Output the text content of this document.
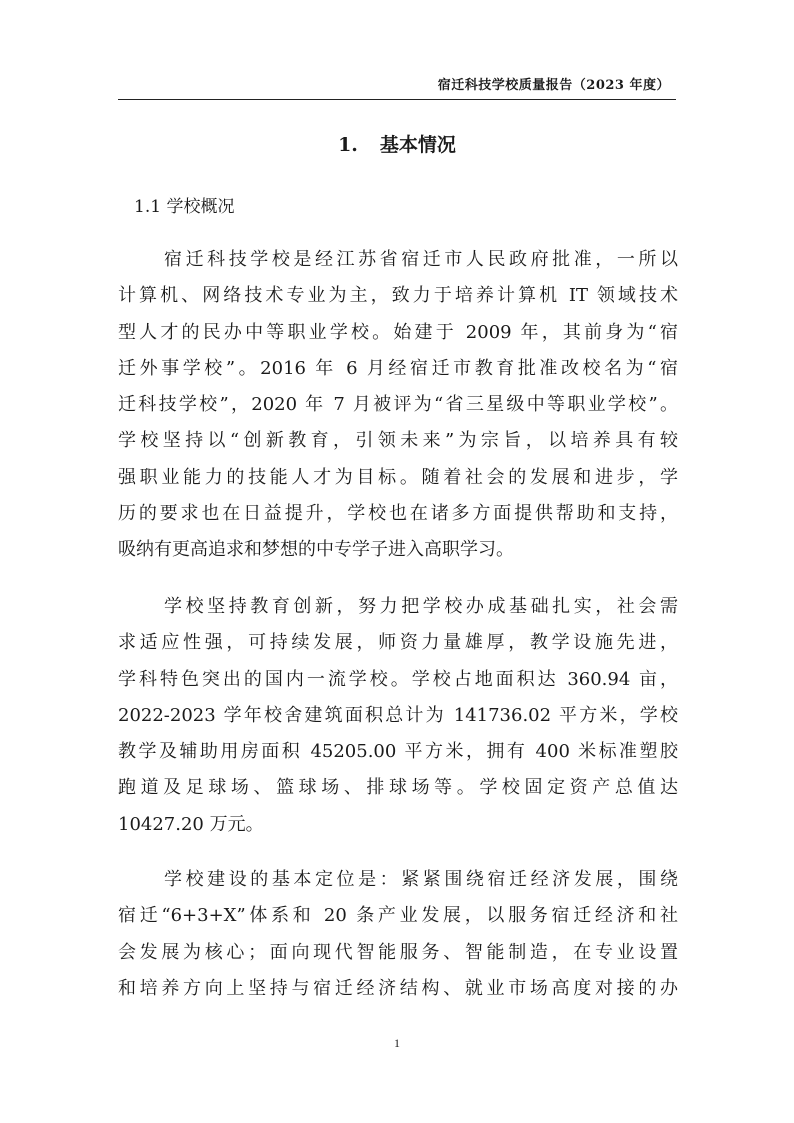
宿迁科技学校质量报告（2023 年度）
1. 基本情况
1.1 学校概况
宿迁科技学校是经江苏省宿迁市人民政府批准，一所以
计算机、网络技术专业为主，致力于培养计算机 IT 领域技术
型人才的民办中等职业学校。始建于 2009 年，其前身为“宿
迁外事学校”。2016 年 6 月经宿迁市教育批准改校名为“宿
迁科技学校”，2020 年 7 月被评为“省三星级中等职业学校”。
学校坚持以“创新教育，引领未来”为宗旨，以培养具有较
强职业能力的技能人才为目标。随着社会的发展和进步，学
历的要求也在日益提升，学校也在诸多方面提供帮助和支持，
吸纳有更高追求和梦想的中专学子进入高职学习。
学校坚持教育创新，努力把学校办成基础扎实，社会需
求适应性强，可持续发展，师资力量雄厚，教学设施先进，
学科特色突出的国内一流学校。学校占地面积达 360.94 亩，
2022-2023 学年校舍建筑面积总计为 141736.02 平方米，学校
教学及辅助用房面积 45205.00 平方米，拥有 400 米标准塑胶
跑道及足球场、篮球场、排球场等。学校固定资产总值达
10427.20 万元。
学校建设的基本定位是：紧紧围绕宿迁经济发展，围绕
宿迁“6+3+X”体系和 20 条产业发展，以服务宿迁经济和社
会发展为核心；面向现代智能服务、智能制造，在专业设置
和培养方向上坚持与宿迁经济结构、就业市场高度对接的办
1
